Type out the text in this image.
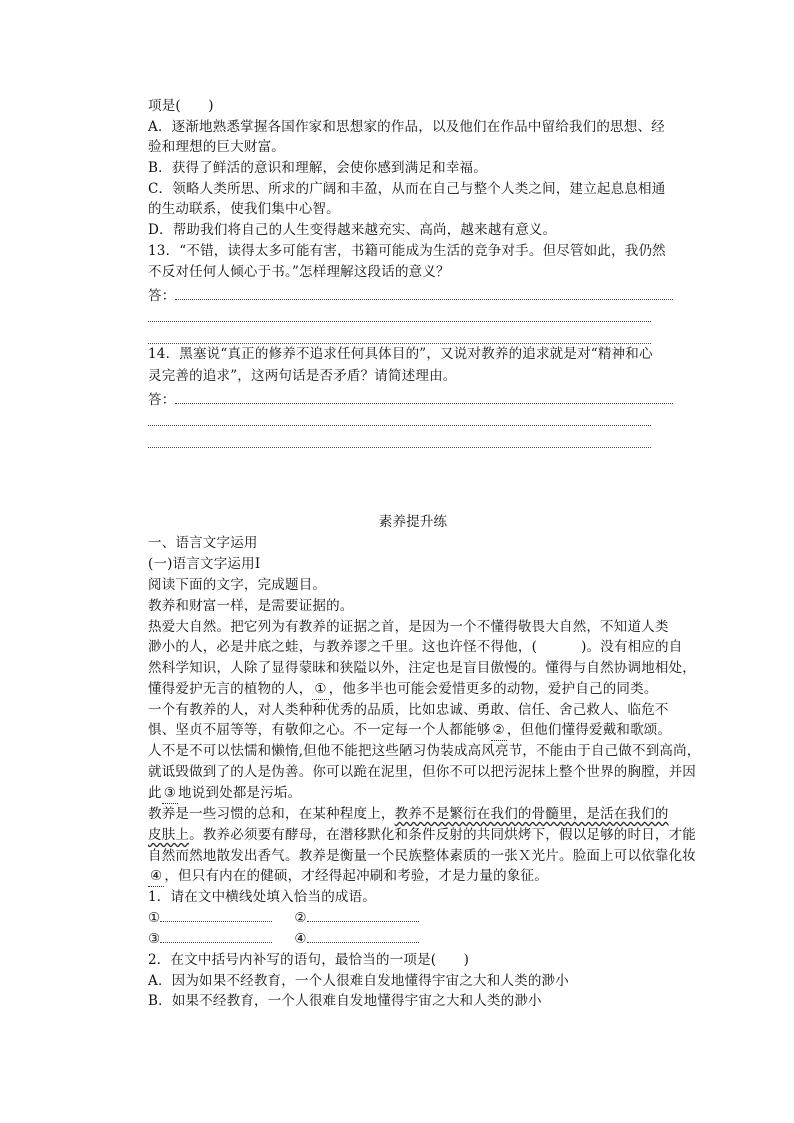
项是(　　)
A．逐渐地熟悉掌握各国作家和思想家的作品，以及他们在作品中留给我们的思想、经
验和理想的巨大财富。
B．获得了鲜活的意识和理解，会使你感到满足和幸福。
C．领略人类所思、所求的广阔和丰盈，从而在自己与整个人类之间，建立起息息相通
的生动联系，使我们集中心智。
D．帮助我们将自己的人生变得越来越充实、高尚，越来越有意义。
13．“不错，读得太多可能有害，书籍可能成为生活的竞争对手。但尽管如此，我仍然
不反对任何人倾心于书。”怎样理解这段话的意义？
答：
14．黑塞说“真正的修养不追求任何具体目的”，又说对教养的追求就是对“精神和心
灵完善的追求”，这两句话是否矛盾？请简述理由。
答：
素养提升练
一、语言文字运用
(一)语言文字运用Ⅰ
阅读下面的文字，完成题目。
教养和财富一样，是需要证据的。
热爱大自然。把它列为有教养的证据之首，是因为一个不懂得敬畏大自然，不知道人类
渺小的人，必是井底之蛙，与教养谬之千里。这也许怪不得他，(	)。没有相应的自
然科学知识，人除了显得蒙昧和狭隘以外，注定也是盲目傲慢的。懂得与自然协调地相处，
懂得爱护无言的植物的人， ① ，他多半也可能会爱惜更多的动物，爱护自己的同类。
一个有教养的人，对人类种种优秀的品质，比如忠诚、勇敢、信任、舍己救人、临危不
惧、坚贞不屈等等，有敬仰之心。不一定每一个人都能够 ② ，但他们懂得爱戴和歌颂。
人不是不可以怯懦和懒惰,但他不能把这些陋习伪装成高风亮节，不能由于自己做不到高尚，
就诋毁做到了的人是伪善。你可以跪在泥里，但你不可以把污泥抹上整个世界的胸膛，并因
此 ③ 地说到处都是污垢。
教养是一些习惯的总和，在某种程度上，教养不是繁衍在我们的骨髓里，是活在我们的
皮肤上。教养必须要有酵母，在潜移默化和条件反射的共同烘烤下，假以足够的时日，才能
自然而然地散发出香气。教养是衡量一个民族整体素质的一张Ｘ光片。脸面上可以依靠化妆
④ ，但只有内在的健硕，才经得起冲刷和考验，才是力量的象征。
1．请在文中横线处填入恰当的成语。
①	②
③	④
2．在文中括号内补写的语句，最恰当的一项是(　　)
A．因为如果不经教育，一个人很难自发地懂得宇宙之大和人类的渺小
B．如果不经教育，一个人很难自发地懂得宇宙之大和人类的渺小
